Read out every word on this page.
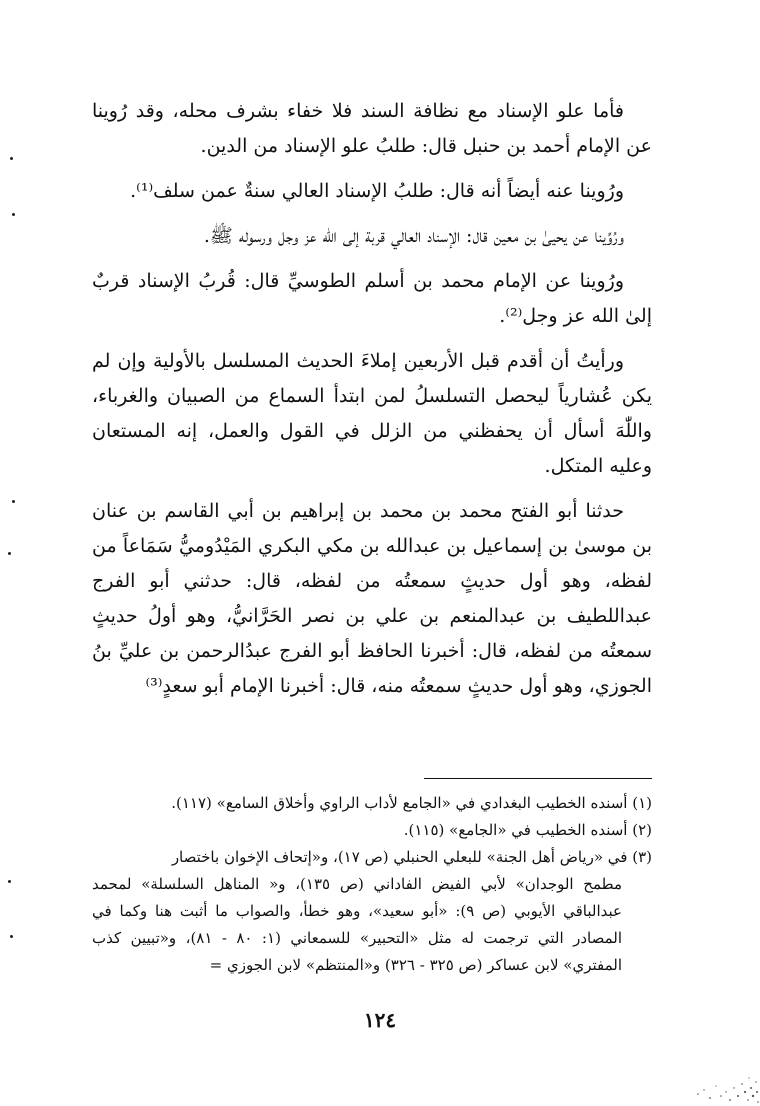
فأما علو الإسناد مع نظافة السند فلا خفاء بشرف محله، وقد رُوينا عن الإمام أحمد بن حنبل قال: طلبُ علو الإسناد من الدين.

ورُوينا عنه أيضاً أنه قال: طلبُ الإسناد العالي سنةٌ عمن سلف⁽¹⁾.

ورُوِّينا عن يحيىٰ بن معين قال: الإسناد العالي قربة إلى الله عز وجل ورسوله ﷺ.

ورُوينا عن الإمام محمد بن أسلم الطوسيِّ قال: قُربُ الإسناد قربٌ إلىٰ الله عز وجل⁽²⁾.

ورأيتُ أن أقدم قبل الأربعين إملاءَ الحديث المسلسل بالأولية وإن لم يكن عُشارياً ليحصل التسلسلُ لمن ابتدأ السماع من الصبيان والغرباء، واللّٰهَ أسأل أن يحفظني من الزلل في القول والعمل، إنه المستعان وعليه المتكل.

حدثنا أبو الفتح محمد بن محمد بن إبراهيم بن أبي القاسم بن عنان بن موسىٰ بن إسماعيل بن عبدالله بن مكي البكري المَيْدُوميُّ سَمَاعاً من لفظه، وهو أول حديثٍ سمعتُه من لفظه، قال: حدثني أبو الفرج عبداللطيف بن عبدالمنعم بن علي بن نصر الحَرَّانيُّ، وهو أولُ حديثٍ سمعتُه من لفظه، قال: أخبرنا الحافظ أبو الفرج عبدُالرحمن بن عليِّ بنُ الجوزي، وهو أول حديثٍ سمعتُه منه، قال: أخبرنا الإمام أبو سعدٍ⁽³⁾

(١) أسنده الخطيب البغدادي في «الجامع لأداب الراوي وأخلاق السامع» (١١٧).
(٢) أسنده الخطيب في «الجامع» (١١٥).
(٣) في «رياض أهل الجنة» للبعلي الحنبلي (ص ١٧)، و«إتحاف الإخوان باختصار
مطمح الوجدان» لأبي الفيض الفاداني (ص ١٣٥)، و« المناهل السلسلة» لمحمد عبدالباقي الأيوبي (ص ٩): «أبو سعيد»، وهو خطأ، والصواب ما أثبت هنا وكما في المصادر التي ترجمت له مثل «التحبير» للسمعاني (١: ٨٠ - ٨١)، و«تبيين كذب المفتري» لابن عساكر (ص ٣٢٥ - ٣٢٦) و«المنتظم» لابن الجوزي =
١٢٤
